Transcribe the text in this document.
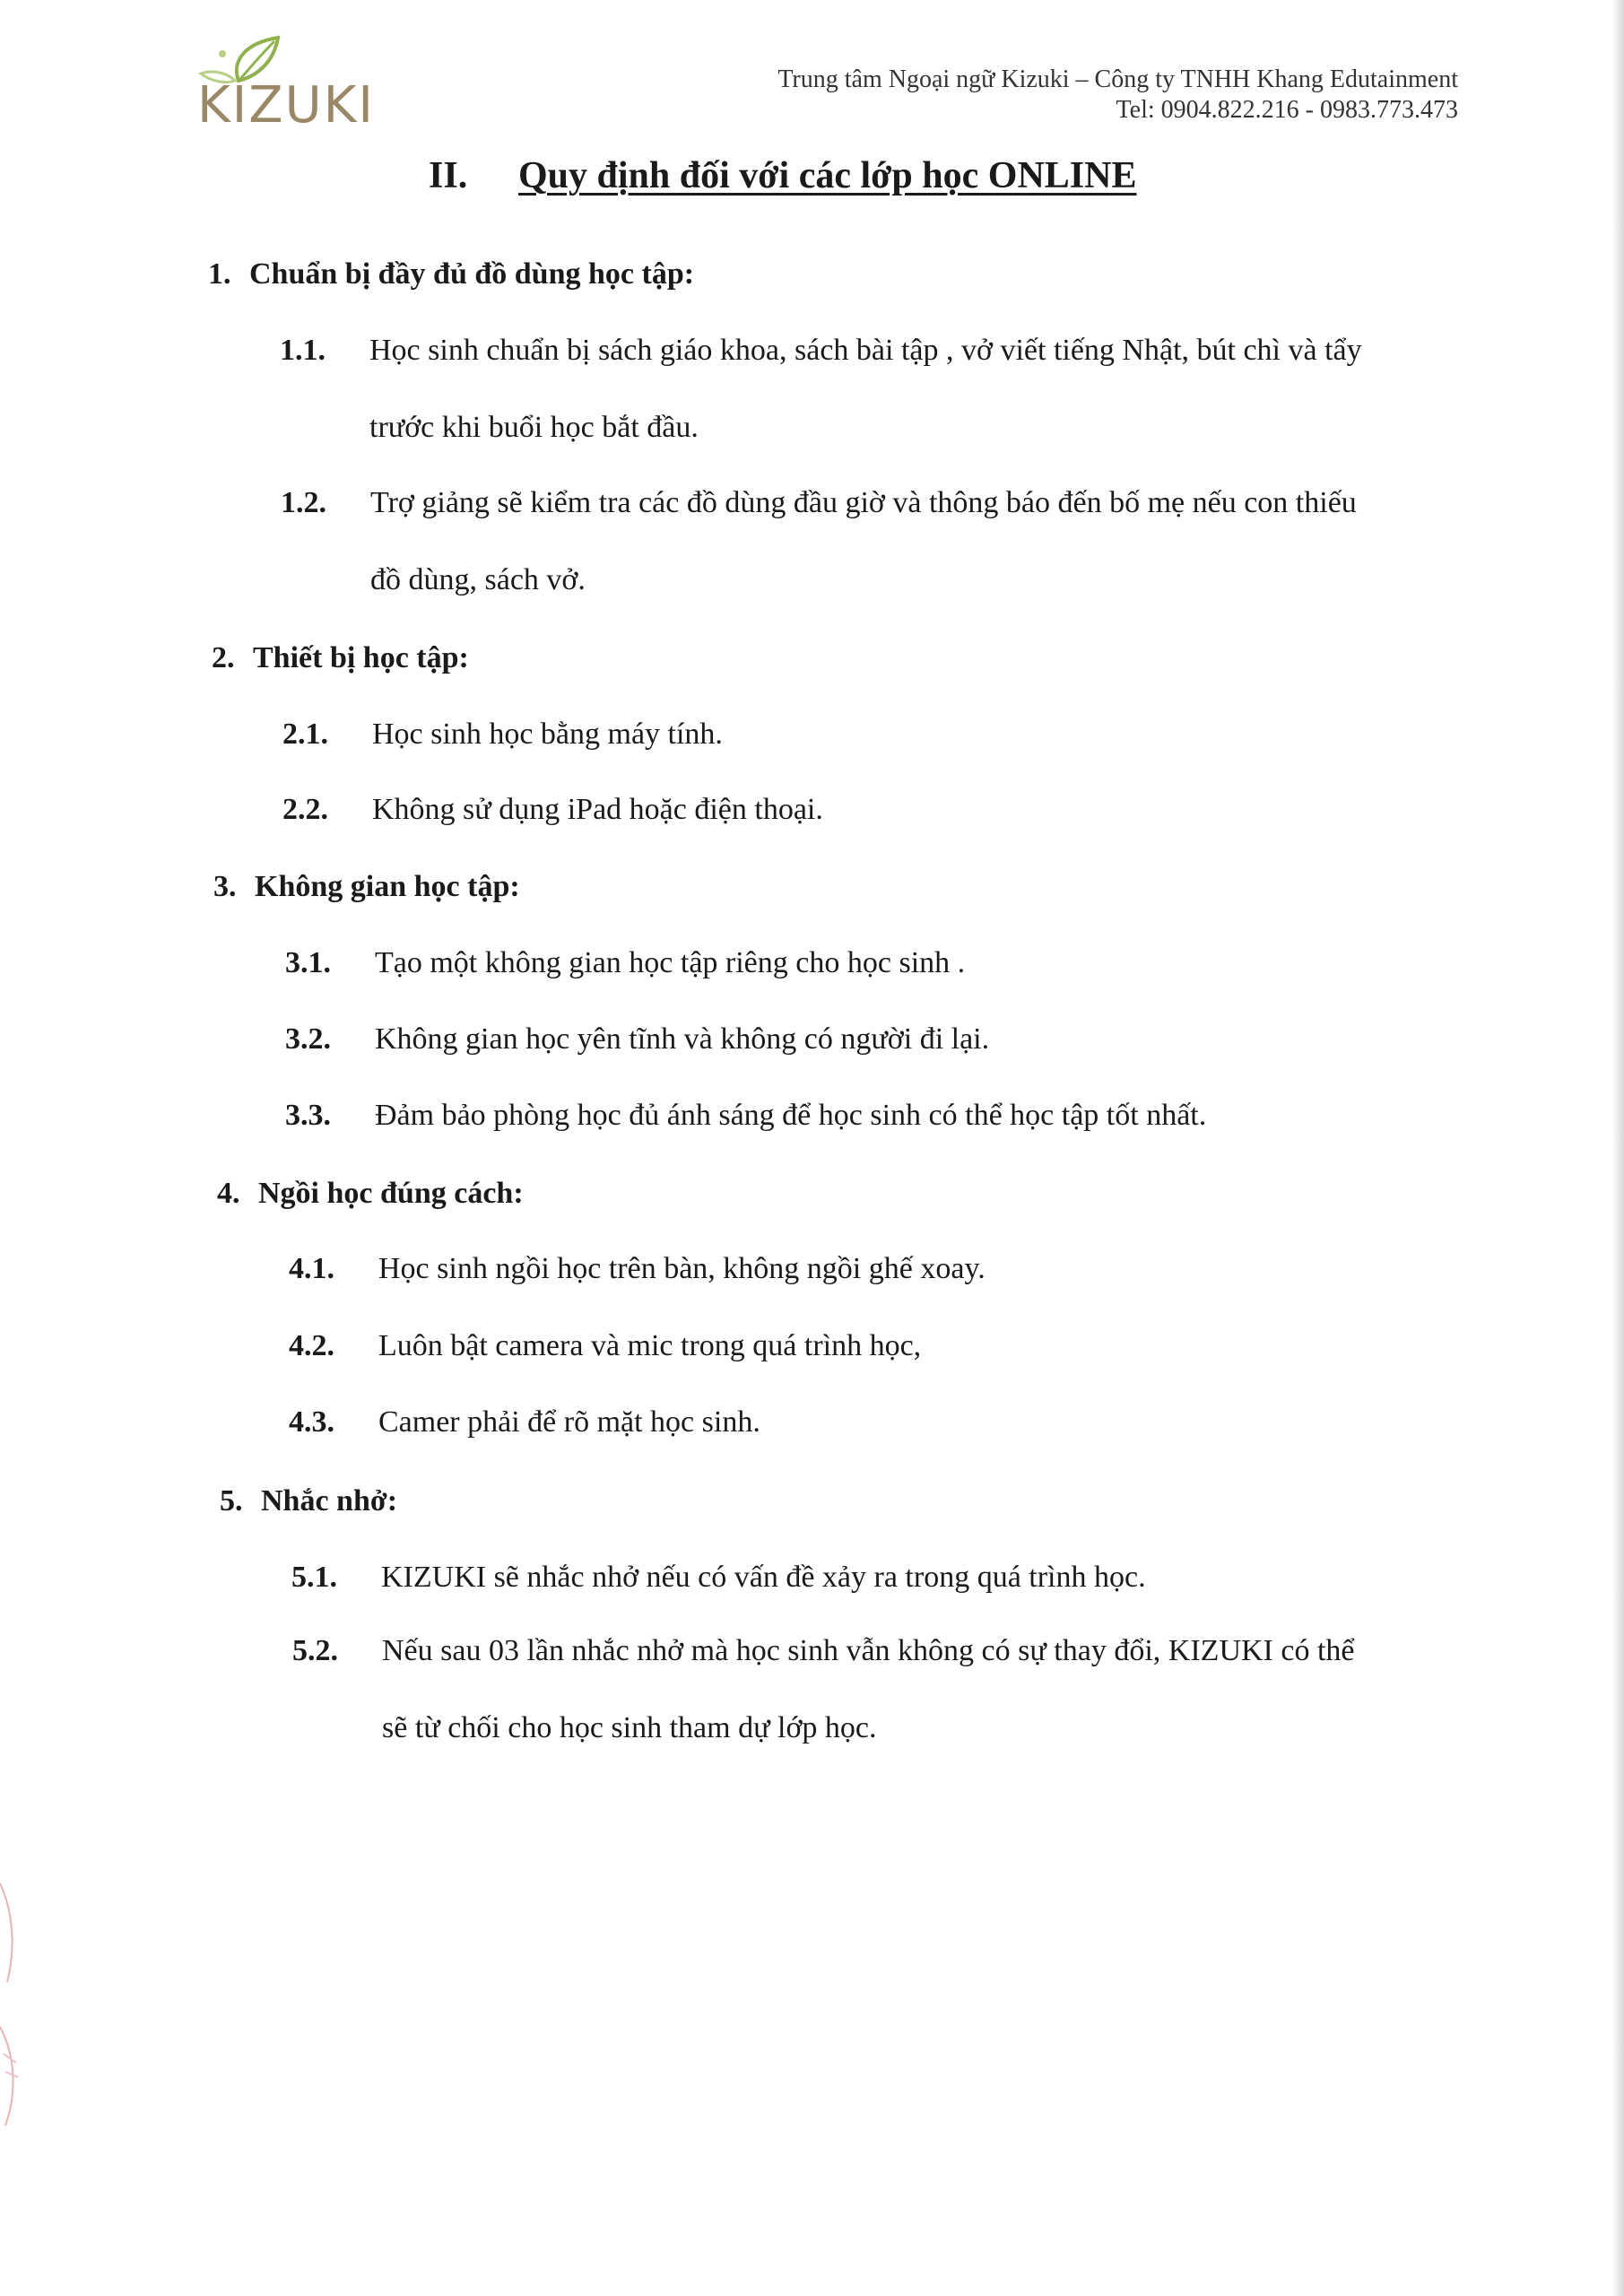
KIZUKI	Trung tâm Ngoại ngữ Kizuki – Công ty TNHH Khang Edutainment
Tel: 0904.822.216 - 0983.773.473
II. Quy định đối với các lớp học ONLINE
1. Chuẩn bị đầy đủ đồ dùng học tập:
1.1. Học sinh chuẩn bị sách giáo khoa, sách bài tập , vở viết tiếng Nhật, bút chì và tẩy
trước khi buổi học bắt đầu.
1.2. Trợ giảng sẽ kiểm tra các đồ dùng đầu giờ và thông báo đến bố mẹ nếu con thiếu
đồ dùng, sách vở.
2. Thiết bị học tập:
2.1. Học sinh học bằng máy tính.
2.2. Không sử dụng iPad hoặc điện thoại.
3. Không gian học tập:
3.1. Tạo một không gian học tập riêng cho học sinh .
3.2. Không gian học yên tĩnh và không có người đi lại.
3.3. Đảm bảo phòng học đủ ánh sáng để học sinh có thể học tập tốt nhất.
4. Ngồi học đúng cách:
4.1. Học sinh ngồi học trên bàn, không ngồi ghế xoay.
4.2. Luôn bật camera và mic trong quá trình học,
4.3. Camer phải để rõ mặt học sinh.
5. Nhắc nhở:
5.1. KIZUKI sẽ nhắc nhở nếu có vấn đề xảy ra trong quá trình học.
5.2. Nếu sau 03 lần nhắc nhở mà học sinh vẫn không có sự thay đổi, KIZUKI có thể
sẽ từ chối cho học sinh tham dự lớp học.
